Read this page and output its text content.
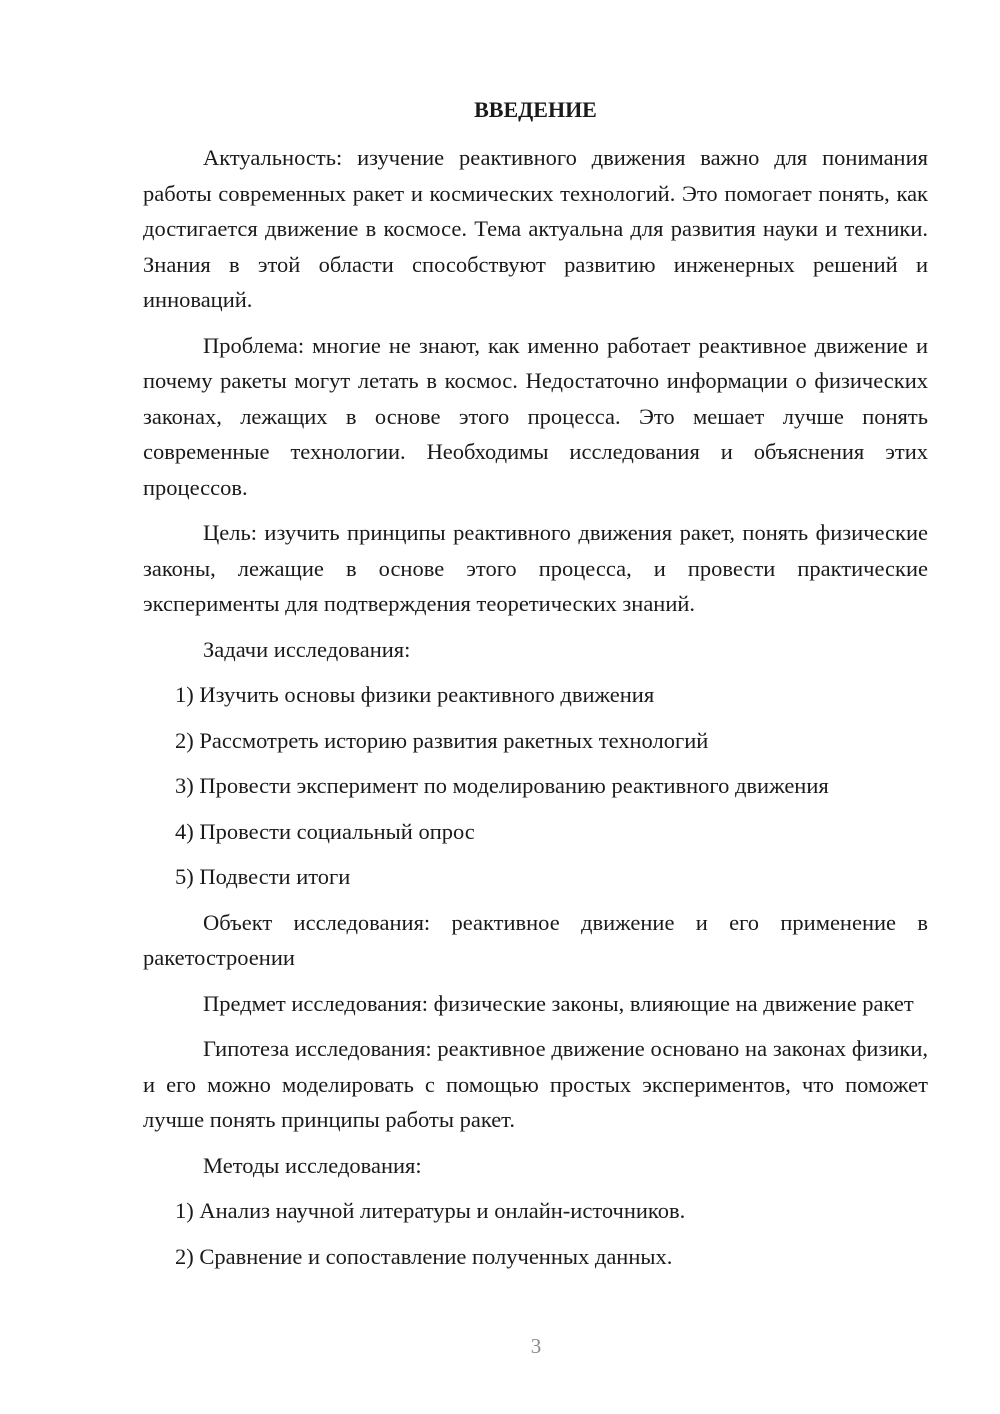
ВВЕДЕНИЕ

Актуальность: изучение реактивного движения важно для понимания работы современных ракет и космических технологий. Это помогает понять, как достигается движение в космосе. Тема актуальна для развития науки и техники. Знания в этой области способствуют развитию инженерных решений и инноваций.

Проблема: многие не знают, как именно работает реактивное движение и почему ракеты могут летать в космос. Недостаточно информации о физических законах, лежащих в основе этого процесса. Это мешает лучше понять современные технологии. Необходимы исследования и объяснения этих процессов.

Цель: изучить принципы реактивного движения ракет, понять физические законы, лежащие в основе этого процесса, и провести практические эксперименты для подтверждения теоретических знаний.

Задачи исследования:

1) Изучить основы физики реактивного движения
2) Рассмотреть историю развития ракетных технологий
3) Провести эксперимент по моделированию реактивного движения
4) Провести социальный опрос
5) Подвести итоги

Объект исследования: реактивное движение и его применение в ракетостроении

Предмет исследования: физические законы, влияющие на движение ракет

Гипотеза исследования: реактивное движение основано на законах физики, и его можно моделировать с помощью простых экспериментов, что поможет лучше понять принципы работы ракет.

Методы исследования:

1) Анализ научной литературы и онлайн-источников.
2) Сравнение и сопоставление полученных данных.
3
